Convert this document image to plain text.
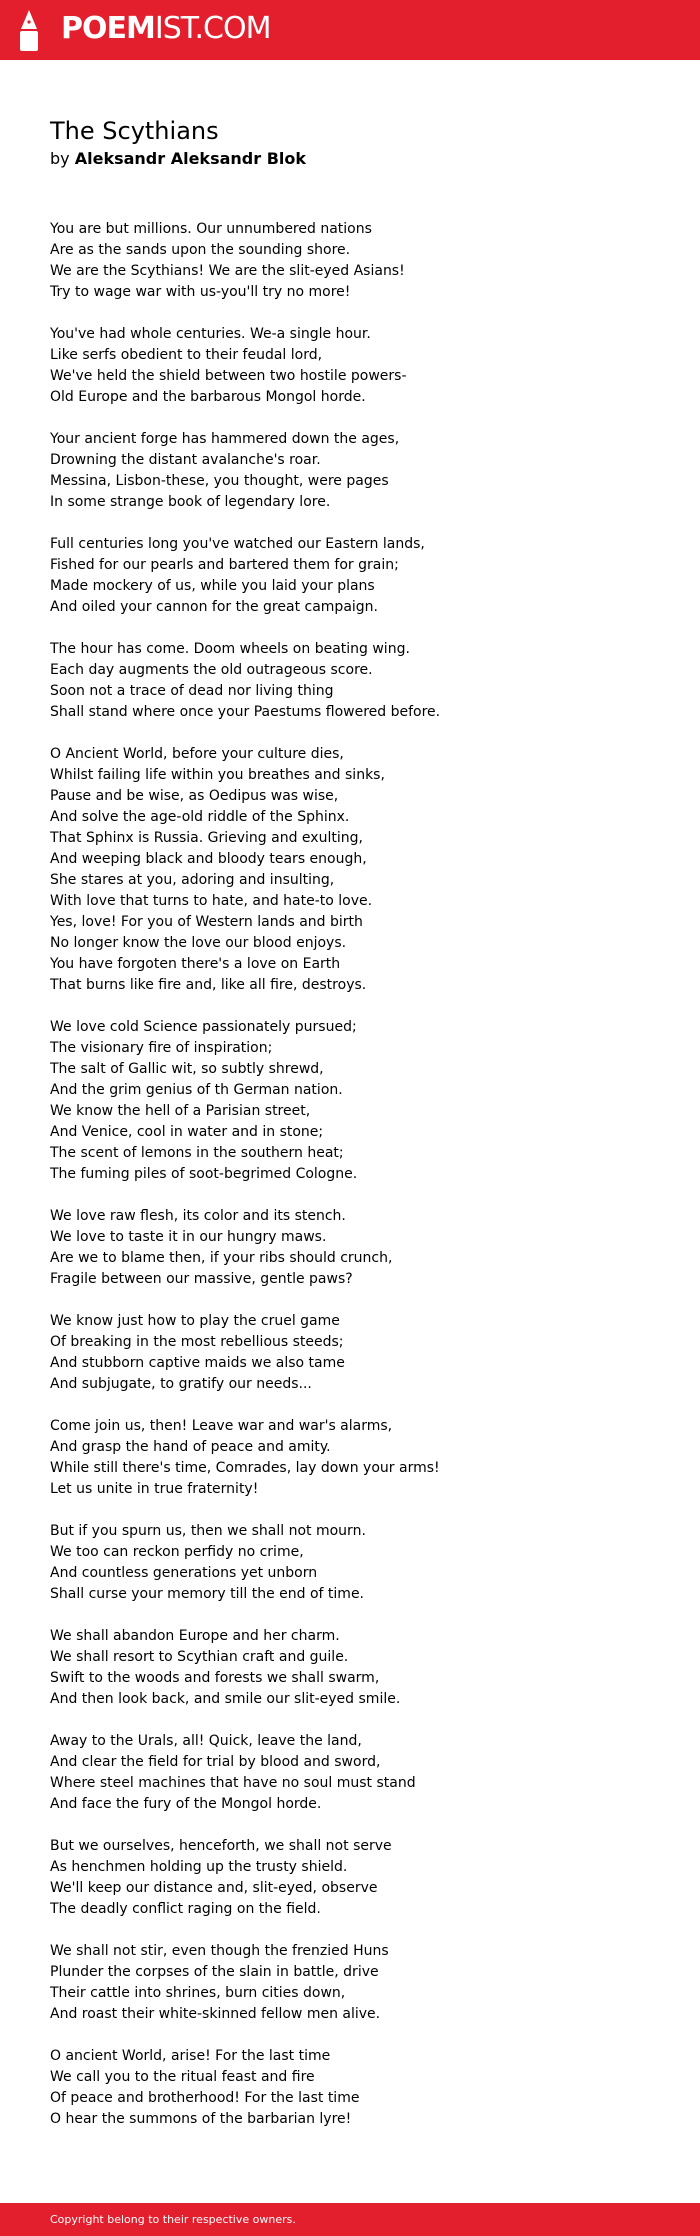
POEMIST.COM
The Scythians
by Aleksandr Aleksandr Blok
You are but millions. Our unnumbered nations
Are as the sands upon the sounding shore.
We are the Scythians! We are the slit-eyed Asians!
Try to wage war with us-you'll try no more!
You've had whole centuries. We-a single hour.
Like serfs obedient to their feudal lord,
We've held the shield between two hostile powers-
Old Europe and the barbarous Mongol horde.
Your ancient forge has hammered down the ages,
Drowning the distant avalanche's roar.
Messina, Lisbon-these, you thought, were pages
In some strange book of legendary lore.
Full centuries long you've watched our Eastern lands,
Fished for our pearls and bartered them for grain;
Made mockery of us, while you laid your plans
And oiled your cannon for the great campaign.
The hour has come. Doom wheels on beating wing.
Each day augments the old outrageous score.
Soon not a trace of dead nor living thing
Shall stand where once your Paestums flowered before.
O Ancient World, before your culture dies,
Whilst failing life within you breathes and sinks,
Pause and be wise, as Oedipus was wise,
And solve the age-old riddle of the Sphinx.
That Sphinx is Russia. Grieving and exulting,
And weeping black and bloody tears enough,
She stares at you, adoring and insulting,
With love that turns to hate, and hate-to love.
Yes, love! For you of Western lands and birth
No longer know the love our blood enjoys.
You have forgoten there's a love on Earth
That burns like fire and, like all fire, destroys.
We love cold Science passionately pursued;
The visionary fire of inspiration;
The salt of Gallic wit, so subtly shrewd,
And the grim genius of th German nation.
We know the hell of a Parisian street,
And Venice, cool in water and in stone;
The scent of lemons in the southern heat;
The fuming piles of soot-begrimed Cologne.
We love raw flesh, its color and its stench.
We love to taste it in our hungry maws.
Are we to blame then, if your ribs should crunch,
Fragile between our massive, gentle paws?
We know just how to play the cruel game
Of breaking in the most rebellious steeds;
And stubborn captive maids we also tame
And subjugate, to gratify our needs...
Come join us, then! Leave war and war's alarms,
And grasp the hand of peace and amity.
While still there's time, Comrades, lay down your arms!
Let us unite in true fraternity!
But if you spurn us, then we shall not mourn.
We too can reckon perfidy no crime,
And countless generations yet unborn
Shall curse your memory till the end of time.
We shall abandon Europe and her charm.
We shall resort to Scythian craft and guile.
Swift to the woods and forests we shall swarm,
And then look back, and smile our slit-eyed smile.
Away to the Urals, all! Quick, leave the land,
And clear the field for trial by blood and sword,
Where steel machines that have no soul must stand
And face the fury of the Mongol horde.
But we ourselves, henceforth, we shall not serve
As henchmen holding up the trusty shield.
We'll keep our distance and, slit-eyed, observe
The deadly conflict raging on the field.
We shall not stir, even though the frenzied Huns
Plunder the corpses of the slain in battle, drive
Their cattle into shrines, burn cities down,
And roast their white-skinned fellow men alive.
O ancient World, arise! For the last time
We call you to the ritual feast and fire
Of peace and brotherhood! For the last time
O hear the summons of the barbarian lyre!
Copyright belong to their respective owners.
